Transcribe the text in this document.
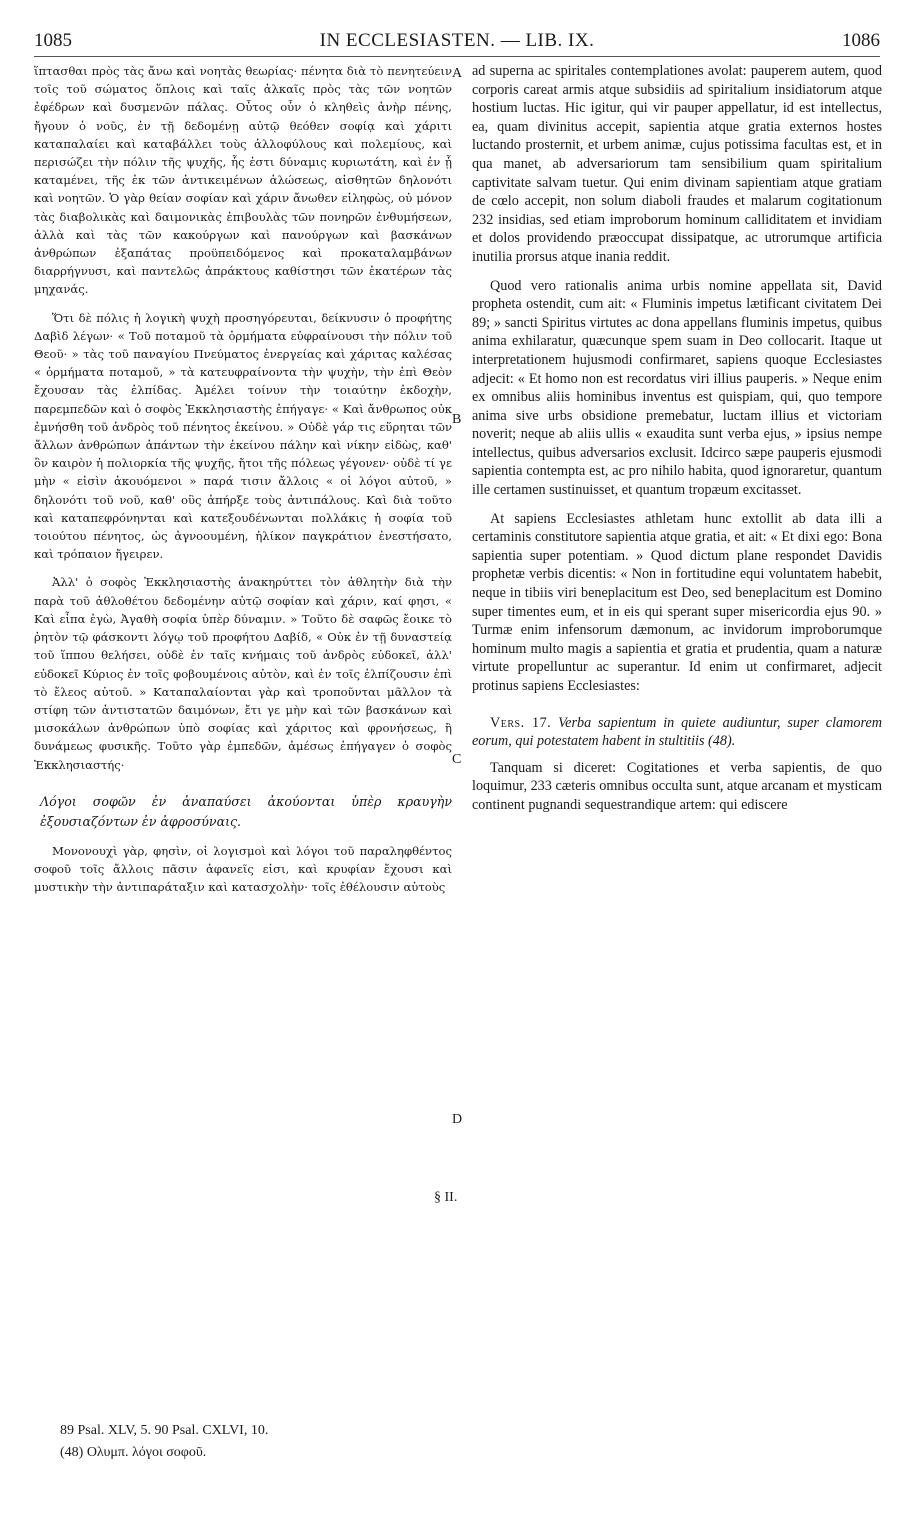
1085	IN ECCLESIASTEN. — LIB. IX.	1086

ἵπτασθαι πρὸς τὰς ἄνω καὶ νοητὰς θεωρίας· πένητα διὰ τὸ πενητεύειν τοῖς τοῦ σώματος ὅπλοις καὶ ταῖς ἀλκαῖς πρὸς τὰς τῶν νοητῶν ἐφέδρων καὶ δυσμενῶν πάλας. Οὗτος οὖν ὁ κληθεὶς ἀνὴρ πένης, ἤγουν ὁ νοῦς, ἐν τῇ δεδομένῃ αὐτῷ θεόθεν σοφίᾳ καὶ χάριτι καταπαλαίει καὶ καταβάλλει τοὺς ἀλλοφύλους καὶ πολεμίους, καὶ περισώζει τὴν πόλιν τῆς ψυχῆς, ἧς ἐστι δύναμις κυριωτάτη, καὶ ἐν ᾗ καταμένει, τῆς ἐκ τῶν ἀντικειμένων ἁλώσεως, αἰσθητῶν δηλονότι καὶ νοητῶν. Ὁ γὰρ θείαν σοφίαν καὶ χάριν ἄνωθεν εἰληφὼς, οὐ μόνον τὰς διαβολικὰς καὶ δαιμονικὰς ἐπιβουλὰς τῶν πονηρῶν ἐνθυμήσεων, ἀλλὰ καὶ τὰς τῶν κακούργων καὶ πανούργων καὶ βασκάνων ἀνθρώπων ἐξαπάτας προϋπειδόμενος καὶ προκαταλαμβάνων διαρρήγνυσι, καὶ παντελῶς ἀπράκτους καθίστησι τῶν ἑκατέρων τὰς μηχανάς.

Ὅτι δὲ πόλις ἡ λογικὴ ψυχὴ προσηγόρευται, δείκνυσιν ὁ προφήτης Δαβὶδ λέγων· « Τοῦ ποταμοῦ τὰ ὁρμήματα εὐφραίνουσι τὴν πόλιν τοῦ Θεοῦ· » τὰς τοῦ παναγίου Πνεύματος ἐνεργείας καὶ χάριτας καλέσας « ὁρμήματα ποταμοῦ, » τὰ κατευφραίνοντα τὴν ψυχὴν, τὴν ἐπὶ Θεὸν ἔχουσαν τὰς ἐλπίδας. Ἀμέλει τοίνυν τὴν τοιαύτην ἐκδοχὴν, παρεμπεδῶν καὶ ὁ σοφὸς Ἐκκλησιαστὴς ἐπήγαγε· « Καὶ ἄνθρωπος οὐκ ἐμνήσθη τοῦ ἀνδρὸς τοῦ πένητος ἐκείνου. » Οὐδὲ γάρ τις εὕρηται τῶν ἄλλων ἀνθρώπων ἁπάντων τὴν ἐκείνου πάλην καὶ νίκην εἰδὼς, καθ' ὃν καιρὸν ἡ πολιορκία τῆς ψυχῆς, ἤτοι τῆς πόλεως γέγονεν· οὐδὲ τί γε μὴν « εἰσὶν ἀκουόμενοι » παρά τισιν ἄλλοις « οἱ λόγοι αὐτοῦ, » δηλονότι τοῦ νοῦ, καθ' οὓς ἀπήρξε τοὺς ἀντιπάλους. Καὶ διὰ τοῦτο καὶ καταπεφρόνηνται καὶ κατεξουδένωνται πολλάκις ἡ σοφία τοῦ τοιούτου πένητος, ὡς ἀγνοουμένη, ἡλίκον παγκράτιον ἐνεστήσατο, καὶ τρόπαιον ἤγειρεν.

Ἀλλ' ὁ σοφὸς Ἐκκλησιαστὴς ἀνακηρύττει τὸν ἀθλητὴν διὰ τὴν παρὰ τοῦ ἀθλοθέτου δεδομένην αὐτῷ σοφίαν καὶ χάριν, καί φησι, « Καὶ εἶπα ἐγὼ, Ἀγαθὴ σοφία ὑπὲρ δύναμιν. » Τοῦτο δὲ σαφῶς ἔοικε τὸ ῥητὸν τῷ φάσκοντι λόγῳ τοῦ προφήτου Δαβίδ, « Οὐκ ἐν τῇ δυναστείᾳ τοῦ ἵππου θελήσει, οὐδὲ ἐν ταῖς κνήμαις τοῦ ἀνδρὸς εὐδοκεῖ, ἀλλ' εὐδοκεῖ Κύριος ἐν τοῖς φοβουμένοις αὐτὸν, καὶ ἐν τοῖς ἐλπίζουσιν ἐπὶ τὸ ἔλεος αὐτοῦ. » Καταπαλαίονται γὰρ καὶ τροποῦνται μᾶλλον τὰ στίφη τῶν ἀντιστατῶν δαιμόνων, ἔτι γε μὴν καὶ τῶν βασκάνων καὶ μισοκάλων ἀνθρώπων ὑπὸ σοφίας καὶ χάριτος καὶ φρονήσεως, ἢ δυνάμεως φυσικῆς. Τοῦτο γὰρ ἐμπεδῶν, ἀμέσως ἐπήγαγεν ὁ σοφὸς Ἐκκλησιαστής·

Λόγοι σοφῶν ἐν ἀναπαύσει ἀκούονται ὑπὲρ κραυγὴν ἐξουσιαζόντων ἐν ἀφροσύναις.

Μονονουχὶ γὰρ, φησὶν, οἱ λογισμοὶ καὶ λόγοι τοῦ παραληφθέντος σοφοῦ τοῖς ἄλλοις πᾶσιν ἀφανεῖς εἰσι, καὶ κρυφίαν ἔχουσι καὶ μυστικὴν τὴν ἀντιπαράταξιν καὶ κατασχολὴν· τοῖς ἐθέλουσιν αὐτοὺς

A
B
C
D
§ II.

ad superna ac spiritales contemplationes avolat: pauperem autem, quod corporis careat armis atque subsidiis ad spiritalium insidiatorum atque hostium luctas. Hic igitur, qui vir pauper appellatur, id est intellectus, ea, quam divinitus accepit, sapientia atque gratia externos hostes luctando prosternit, et urbem animæ, cujus potissima facultas est, et in qua manet, ab adversariorum tam sensibilium quam spiritalium captivitate salvam tuetur. Qui enim divinam sapientiam atque gratiam de cœlo accepit, non solum diaboli fraudes et malarum cogitationum 232 insidias, sed etiam improborum hominum calliditatem et invidiam et dolos providendo præoccupat dissipatque, ac utrorumque artificia inutilia prorsus atque inania reddit.

Quod vero rationalis anima urbis nomine appellata sit, David propheta ostendit, cum ait: « Fluminis impetus lætificant civitatem Dei 89; » sancti Spiritus virtutes ac dona appellans fluminis impetus, quibus anima exhilaratur, quæcunque spem suam in Deo collocarit. Itaque ut interpretationem hujusmodi confirmaret, sapiens quoque Ecclesiastes adjecit: « Et homo non est recordatus viri illius pauperis. » Neque enim ex omnibus aliis hominibus inventus est quispiam, qui, quo tempore anima sive urbs obsidione premebatur, luctam illius et victoriam noverit; neque ab aliis ullis « exaudita sunt verba ejus, » ipsius nempe intellectus, quibus adversarios exclusit. Idcirco sæpe pauperis ejusmodi sapientia contempta est, ac pro nihilo habita, quod ignoraretur, quantum ille certamen sustinuisset, et quantum tropæum excitasset.

At sapiens Ecclesiastes athletam hunc extollit ab data illi a certaminis constitutore sapientia atque gratia, et ait: « Et dixi ego: Bona sapientia super potentiam. » Quod dictum plane respondet Davidis prophetæ verbis dicentis: « Non in fortitudine equi voluntatem habebit, neque in tibiis viri beneplacitum est Deo, sed beneplacitum est Domino super timentes eum, et in eis qui sperant super misericordia ejus 90. » Turmæ enim infensorum dæmonum, ac invidorum improborumque hominum multo magis a sapientia et gratia et prudentia, quam a naturæ virtute propelluntur ac superantur. Id enim ut confirmaret, adjecit protinus sapiens Ecclesiastes:

Vers. 17. Verba sapientum in quiete audiuntur, super clamorem eorum, qui potestatem habent in stultitiis (48).

Tanquam si diceret: Cogitationes et verba sapientis, de quo loquimur, 233 cæteris omnibus occulta sunt, atque arcanam et mysticam continent pugnandi sequestrandique artem: qui ediscere

89 Psal. XLV, 5. 90 Psal. CXLVI, 10.
(48) Ολυμπ. λόγοι σοφοῦ.
